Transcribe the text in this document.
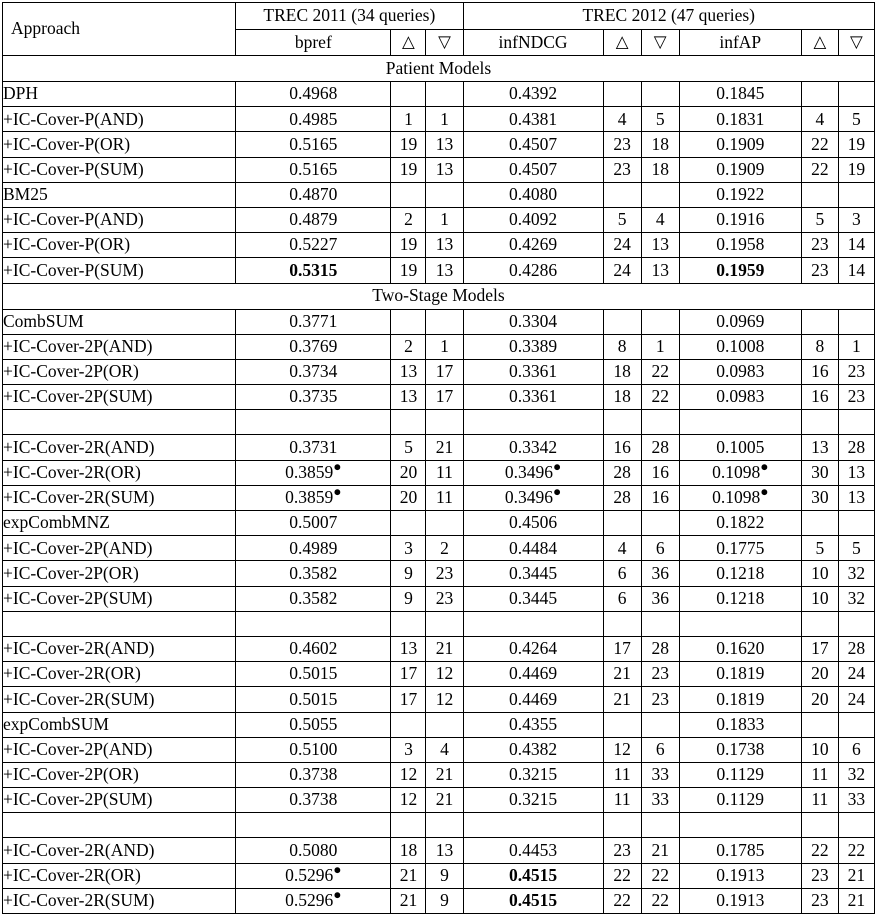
Approach	TREC 2011 (34 queries)			TREC 2012 (47 queries)					
	bpref	△	▽	infNDCG	△	▽	infAP	△	▽
Patient Models									
DPH	0.4968			0.4392			0.1845		
+IC-Cover-P(AND)	0.4985	1	1	0.4381	4	5	0.1831	4	5
+IC-Cover-P(OR)	0.5165	19	13	0.4507	23	18	0.1909	22	19
+IC-Cover-P(SUM)	0.5165	19	13	0.4507	23	18	0.1909	22	19
BM25	0.4870			0.4080			0.1922		
+IC-Cover-P(AND)	0.4879	2	1	0.4092	5	4	0.1916	5	3
+IC-Cover-P(OR)	0.5227	19	13	0.4269	24	13	0.1958	23	14
+IC-Cover-P(SUM)	0.5315	19	13	0.4286	24	13	0.1959	23	14
Two-Stage Models									
CombSUM	0.3771			0.3304			0.0969		
+IC-Cover-2P(AND)	0.3769	2	1	0.3389	8	1	0.1008	8	1
+IC-Cover-2P(OR)	0.3734	13	17	0.3361	18	22	0.0983	16	23
+IC-Cover-2P(SUM)	0.3735	13	17	0.3361	18	22	0.0983	16	23

+IC-Cover-2R(AND)	0.3731	5	21	0.3342	16	28	0.1005	13	28
+IC-Cover-2R(OR)	0.3859●	20	11	0.3496●	28	16	0.1098●	30	13
+IC-Cover-2R(SUM)	0.3859●	20	11	0.3496●	28	16	0.1098●	30	13
expCombMNZ	0.5007			0.4506			0.1822		
+IC-Cover-2P(AND)	0.4989	3	2	0.4484	4	6	0.1775	5	5
+IC-Cover-2P(OR)	0.3582	9	23	0.3445	6	36	0.1218	10	32
+IC-Cover-2P(SUM)	0.3582	9	23	0.3445	6	36	0.1218	10	32

+IC-Cover-2R(AND)	0.4602	13	21	0.4264	17	28	0.1620	17	28
+IC-Cover-2R(OR)	0.5015	17	12	0.4469	21	23	0.1819	20	24
+IC-Cover-2R(SUM)	0.5015	17	12	0.4469	21	23	0.1819	20	24
expCombSUM	0.5055			0.4355			0.1833		
+IC-Cover-2P(AND)	0.5100	3	4	0.4382	12	6	0.1738	10	6
+IC-Cover-2P(OR)	0.3738	12	21	0.3215	11	33	0.1129	11	32
+IC-Cover-2P(SUM)	0.3738	12	21	0.3215	11	33	0.1129	11	33

+IC-Cover-2R(AND)	0.5080	18	13	0.4453	23	21	0.1785	22	22
+IC-Cover-2R(OR)	0.5296●	21	9	0.4515	22	22	0.1913	23	21
+IC-Cover-2R(SUM)	0.5296●	21	9	0.4515	22	22	0.1913	23	21
